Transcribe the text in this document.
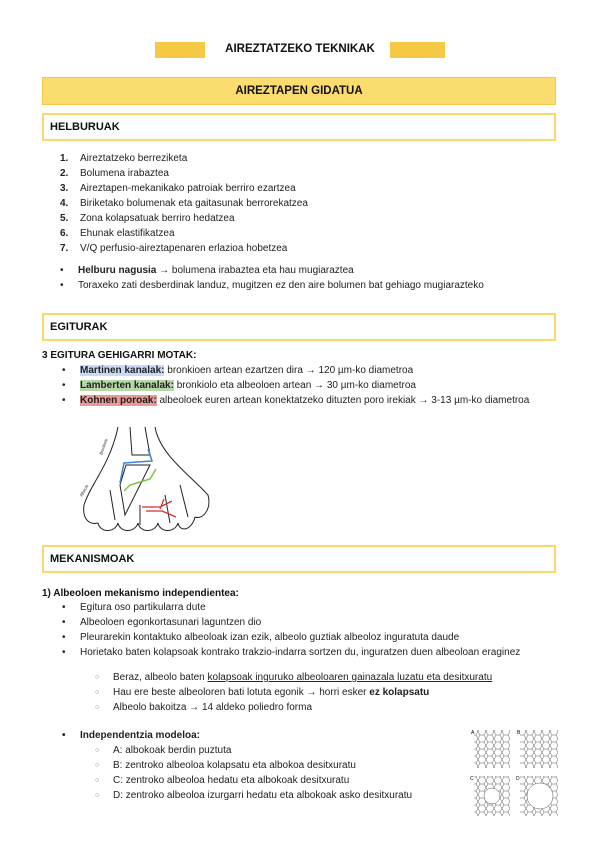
AIREZTATZEKO TEKNIKAK
AIREZTAPEN GIDATUA
HELBURUAK
1. Aireztatzeko berreziketa
2. Bolumena irabaztea
3. Aireztapen-mekanikako patroiak berriro ezartzea
4. Biriketako bolumenak eta gaitasunak berrorekatzea
5. Zona kolapsatuak berriro hedatzea
6. Ehunak elastifikatzea
7. V/Q perfusio-aireztapenaren erlazioa hobetzea
• Helburu nagusia → bolumena irabaztea eta hau mugiaraztea
• Toraxeko zati desberdinak landuz, mugitzen ez den aire bolumen bat gehiago mugiarazteko
EGITURAK
3 EGITURA GEHIGARRI MOTAK:
• Martinen kanalak: bronkioen artean ezartzen dira → 120 µm-ko diametroa
• Lamberten kanalak: bronkiolo eta albeoloen artean → 30 µm-ko diametroa
• Kohnen poroak: albeoloek euren artean konektatzeko dituzten poro irekiak → 3-13 µm-ko diametroa
Bronkiolo
Albeolo
MEKANISMOAK
1) Albeoloen mekanismo independientea:
• Egitura oso partikularra dute
• Albeoloen egonkortasunari laguntzen dio
• Pleurarekin kontaktuko albeoloak izan ezik, albeolo guztiak albeoloz inguratuta daude
• Horietako baten kolapsoak kontrako trakzio-indarra sortzen du, inguratzen duen albeoloan eraginez
○ Beraz, albeolo baten kolapsoak inguruko albeoloaren gainazala luzatu eta desitxuratu
○ Hau ere beste albeoloren bati lotuta egonik → horri esker ez kolapsatu
○ Albeolo bakoitza → 14 aldeko poliedro forma
• Independentzia modeloa:
○ A: albokoak berdin puztuta
○ B: zentroko albeoloa kolapsatu eta albokoa desitxuratu
○ C: zentroko albeoloa hedatu eta albokoak desitxuratu
○ D: zentroko albeoloa izurgarri hedatu eta albokoak asko desitxuratu
A	B
C	D
